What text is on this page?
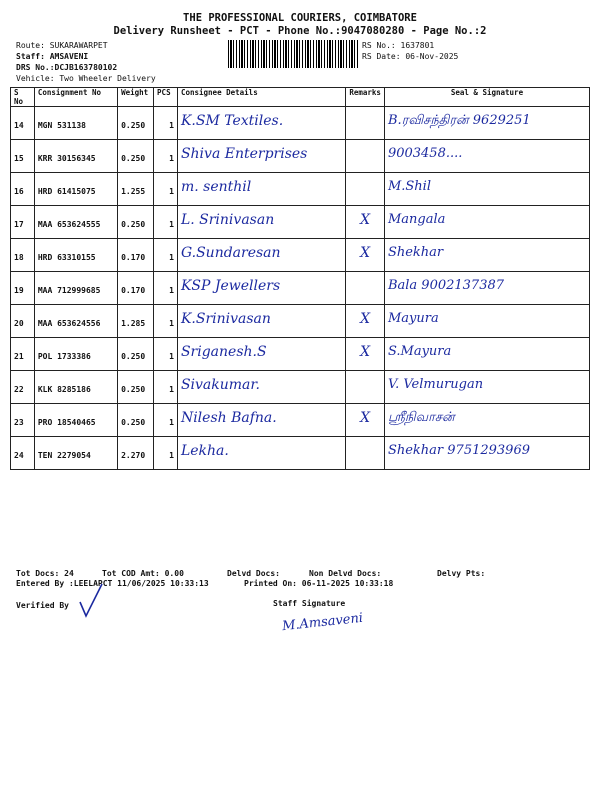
THE PROFESSIONAL COURIERS, COIMBATORE
Delivery Runsheet - PCT - Phone No.:9047080280 - Page No.:2
Route: SUKARAWARPET
Staff: AMSAVENI
DRS No.:DCJB163780102
Vehicle: Two Wheeler Delivery
RS No.: 1637801
RS Date: 06-Nov-2025
S No	Consignment No	Weight	PCS	Consignee Details	Remarks	Seal & Signature
14	MGN 531138	0.250	1	K.SM Textiles.		B.ரவிசந்திரன் 9629251
15	KRR 30156345	0.250	1	Shiva Enterprises		9003458....
16	HRD 61415075	1.255	1	m. senthil		M.Shil
17	MAA 653624555	0.250	1	L. Srinivasan	X	Mangala
18	HRD 63310155	0.170	1	G.Sundaresan	X	Shekhar
19	MAA 712999685	0.170	1	KSP Jewellers		Bala 9002137387
20	MAA 653624556	1.285	1	K.Srinivasan	X	Mayura
21	POL 1733386	0.250	1	Sriganesh.S	X	S.Mayura
22	KLK 8285186	0.250	1	Sivakumar.		V. Velmurugan
23	PRO 18540465	0.250	1	Nilesh Bafna.	X	ஸ்ரீநிவாசன்
24	TEN 2279054	2.270	1	Lekha.		Shekhar 9751293969
Tot Docs: 24	Tot COD Amt: 0.00	Delvd Docs:	Non Delvd Docs:	Delvy Pts:
Entered By :LEELAPCT 11/06/2025 10:33:13	Printed On: 06-11-2025 10:33:18
Verified By	Staff Signature
M.Amsaveni
